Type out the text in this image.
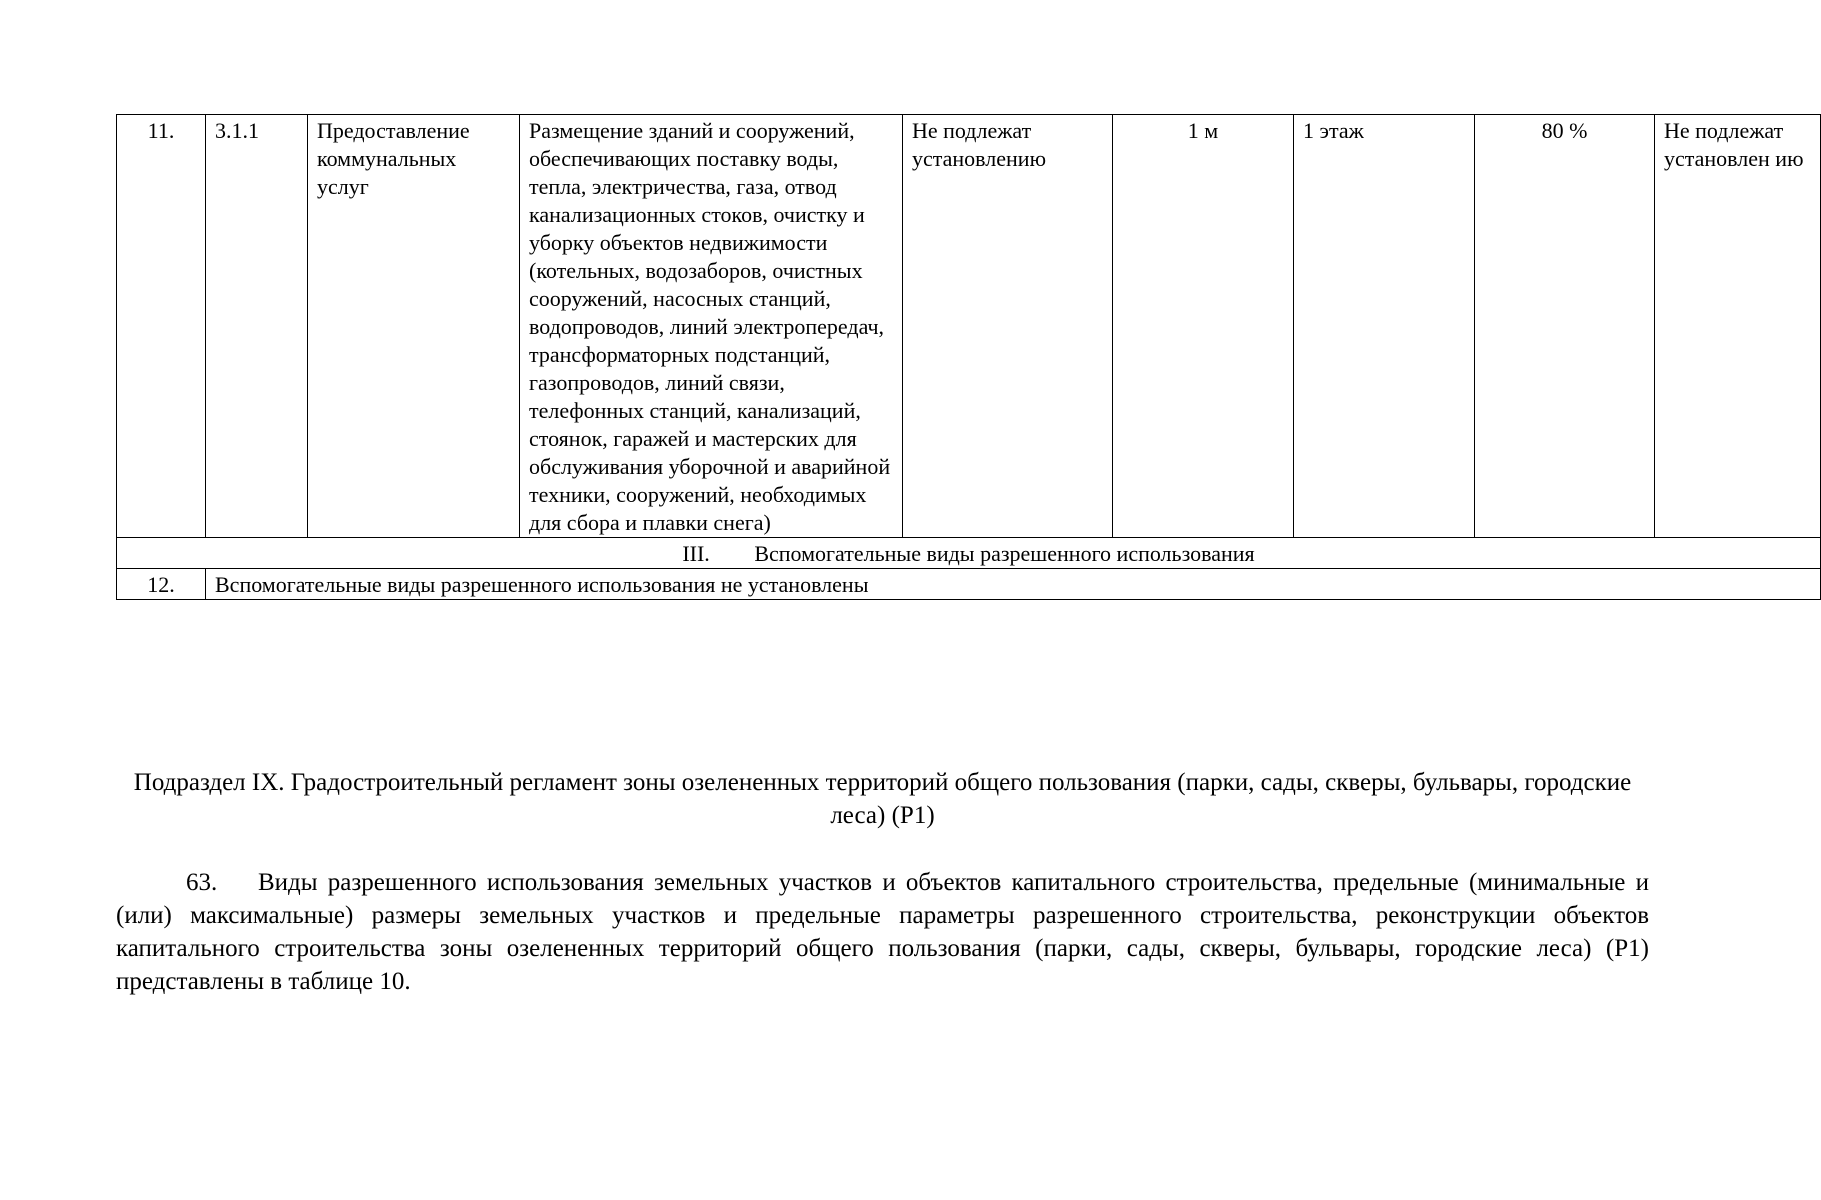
11.	3.1.1	Предоставление коммунальных услуг	Размещение зданий и сооружений, обеспечивающих поставку воды, тепла, электричества, газа, отвод канализационных стоков, очистку и уборку объектов недвижимости (котельных, водозаборов, очистных сооружений, насосных станций, водопроводов, линий электропередач, трансформаторных подстанций, газопроводов, линий связи, телефонных станций, канализаций, стоянок, гаражей и мастерских для обслуживания уборочной и аварийной техники, сооружений, необходимых для сбора и плавки снега)	Не подлежат установлению	1 м	1 этаж	80 %	Не подлежат установлен ию
III. Вспомогательные виды разрешенного использования								
12.	Вспомогательные виды разрешенного использования не установлены							
Подраздел IX. Градостроительный регламент зоны озелененных территорий общего пользования (парки, сады, скверы, бульвары, городские леса) (Р1)
63. Виды разрешенного использования земельных участков и объектов капитального строительства, предельные (минимальные и (или) максимальные) размеры земельных участков и предельные параметры разрешенного строительства, реконструкции объектов капитального строительства зоны озелененных территорий общего пользования (парки, сады, скверы, бульвары, городские леса) (Р1) представлены в таблице 10.
